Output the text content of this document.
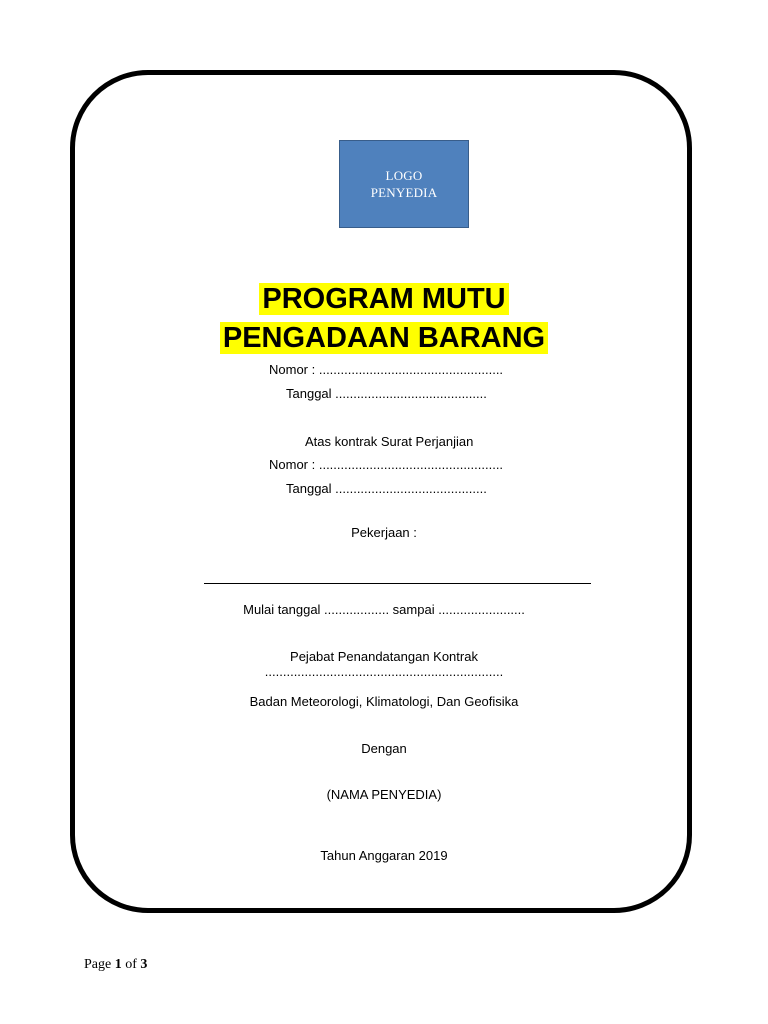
LOGO
PENYEDIA
PROGRAM MUTU
PENGADAAN BARANG
Nomor : ...................................................
Tanggal ..........................................
Atas kontrak Surat Perjanjian
Nomor : ...................................................
Tanggal ..........................................
Pekerjaan :
Mulai tanggal .................. sampai ........................
Pejabat Penandatangan Kontrak
..................................................................
Badan Meteorologi, Klimatologi, Dan Geofisika
Dengan
(NAMA PENYEDIA)
Tahun Anggaran 2019
Page 1 of 3
